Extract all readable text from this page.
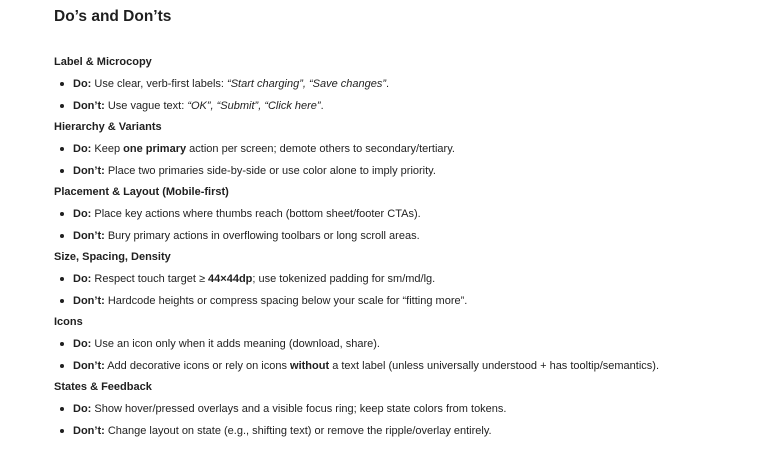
Do’s and Don’ts
Label & Microcopy
Do: Use clear, verb-first labels: “Start charging”, “Save changes”.
Don’t: Use vague text: “OK”, “Submit”, “Click here”.
Hierarchy & Variants
Do: Keep one primary action per screen; demote others to secondary/tertiary.
Don’t: Place two primaries side-by-side or use color alone to imply priority.
Placement & Layout (Mobile-first)
Do: Place key actions where thumbs reach (bottom sheet/footer CTAs).
Don’t: Bury primary actions in overflowing toolbars or long scroll areas.
Size, Spacing, Density
Do: Respect touch target ≥ 44×44dp; use tokenized padding for sm/md/lg.
Don’t: Hardcode heights or compress spacing below your scale for “fitting more”.
Icons
Do: Use an icon only when it adds meaning (download, share).
Don’t: Add decorative icons or rely on icons without a text label (unless universally understood + has tooltip/semantics).
States & Feedback
Do: Show hover/pressed overlays and a visible focus ring; keep state colors from tokens.
Don’t: Change layout on state (e.g., shifting text) or remove the ripple/overlay entirely.
